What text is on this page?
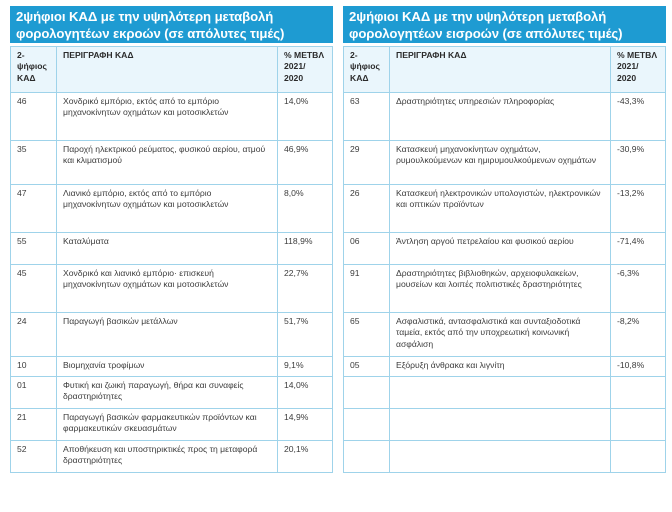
2ψήφιοι ΚΑΔ με την υψηλότερη μεταβολή φορολογητέων εκροών (σε απόλυτες τιμές)
2-ψήφιος ΚΑΔ	ΠΕΡΙΓΡΑΦΗ ΚΑΔ	% ΜΕΤΒΛ 2021/ 2020
46	Χονδρικό εμπόριο, εκτός από το εμπόριο μηχανοκίνητων οχημάτων και μοτοσικλετών	14,0%
35	Παροχή ηλεκτρικού ρεύματος, φυσικού αερίου, ατμού και κλιματισμού	46,9%
47	Λιανικό εμπόριο, εκτός από το εμπόριο μηχανοκίνητων οχημάτων και μοτοσικλετών	8,0%
55	Καταλύματα	118,9%
45	Χονδρικό και λιανικό εμπόριο· επισκευή μηχανοκίνητων οχημάτων και μοτοσικλετών	22,7%
24	Παραγωγή βασικών μετάλλων	51,7%
10	Βιομηχανία τροφίμων	9,1%
01	Φυτική και ζωική παραγωγή, θήρα και συναφείς δραστηριότητες	14,0%
21	Παραγωγή βασικών φαρμακευτικών προϊόντων και φαρμακευτικών σκευασμάτων	14,9%
52	Αποθήκευση και υποστηρικτικές προς τη μεταφορά δραστηριότητες	20,1%
2ψήφιοι ΚΑΔ με την υψηλότερη μεταβολή φορολογητέων εισροών (σε απόλυτες τιμές)
2-ψήφιος ΚΑΔ	ΠΕΡΙΓΡΑΦΗ ΚΑΔ	% ΜΕΤΒΛ 2021/ 2020
63	Δραστηριότητες υπηρεσιών πληροφορίας	-43,3%
29	Κατασκευή μηχανοκίνητων οχημάτων, ρυμουλκούμενων και ημιρυμουλκούμενων οχημάτων	-30,9%
26	Κατασκευή ηλεκτρονικών υπολογιστών, ηλεκτρονικών και οπτικών προϊόντων	-13,2%
06	Άντληση αργού πετρελαίου και φυσικού αερίου	-71,4%
91	Δραστηριότητες βιβλιοθηκών, αρχειοφυλακείων, μουσείων και λοιπές πολιτιστικές δραστηριότητες	-6,3%
65	Ασφαλιστικά, αντασφαλιστικά και συνταξιοδοτικά ταμεία, εκτός από την υποχρεωτική κοινωνική ασφάλιση	-8,2%
05	Εξόρυξη άνθρακα και λιγνίτη	-10,8%
